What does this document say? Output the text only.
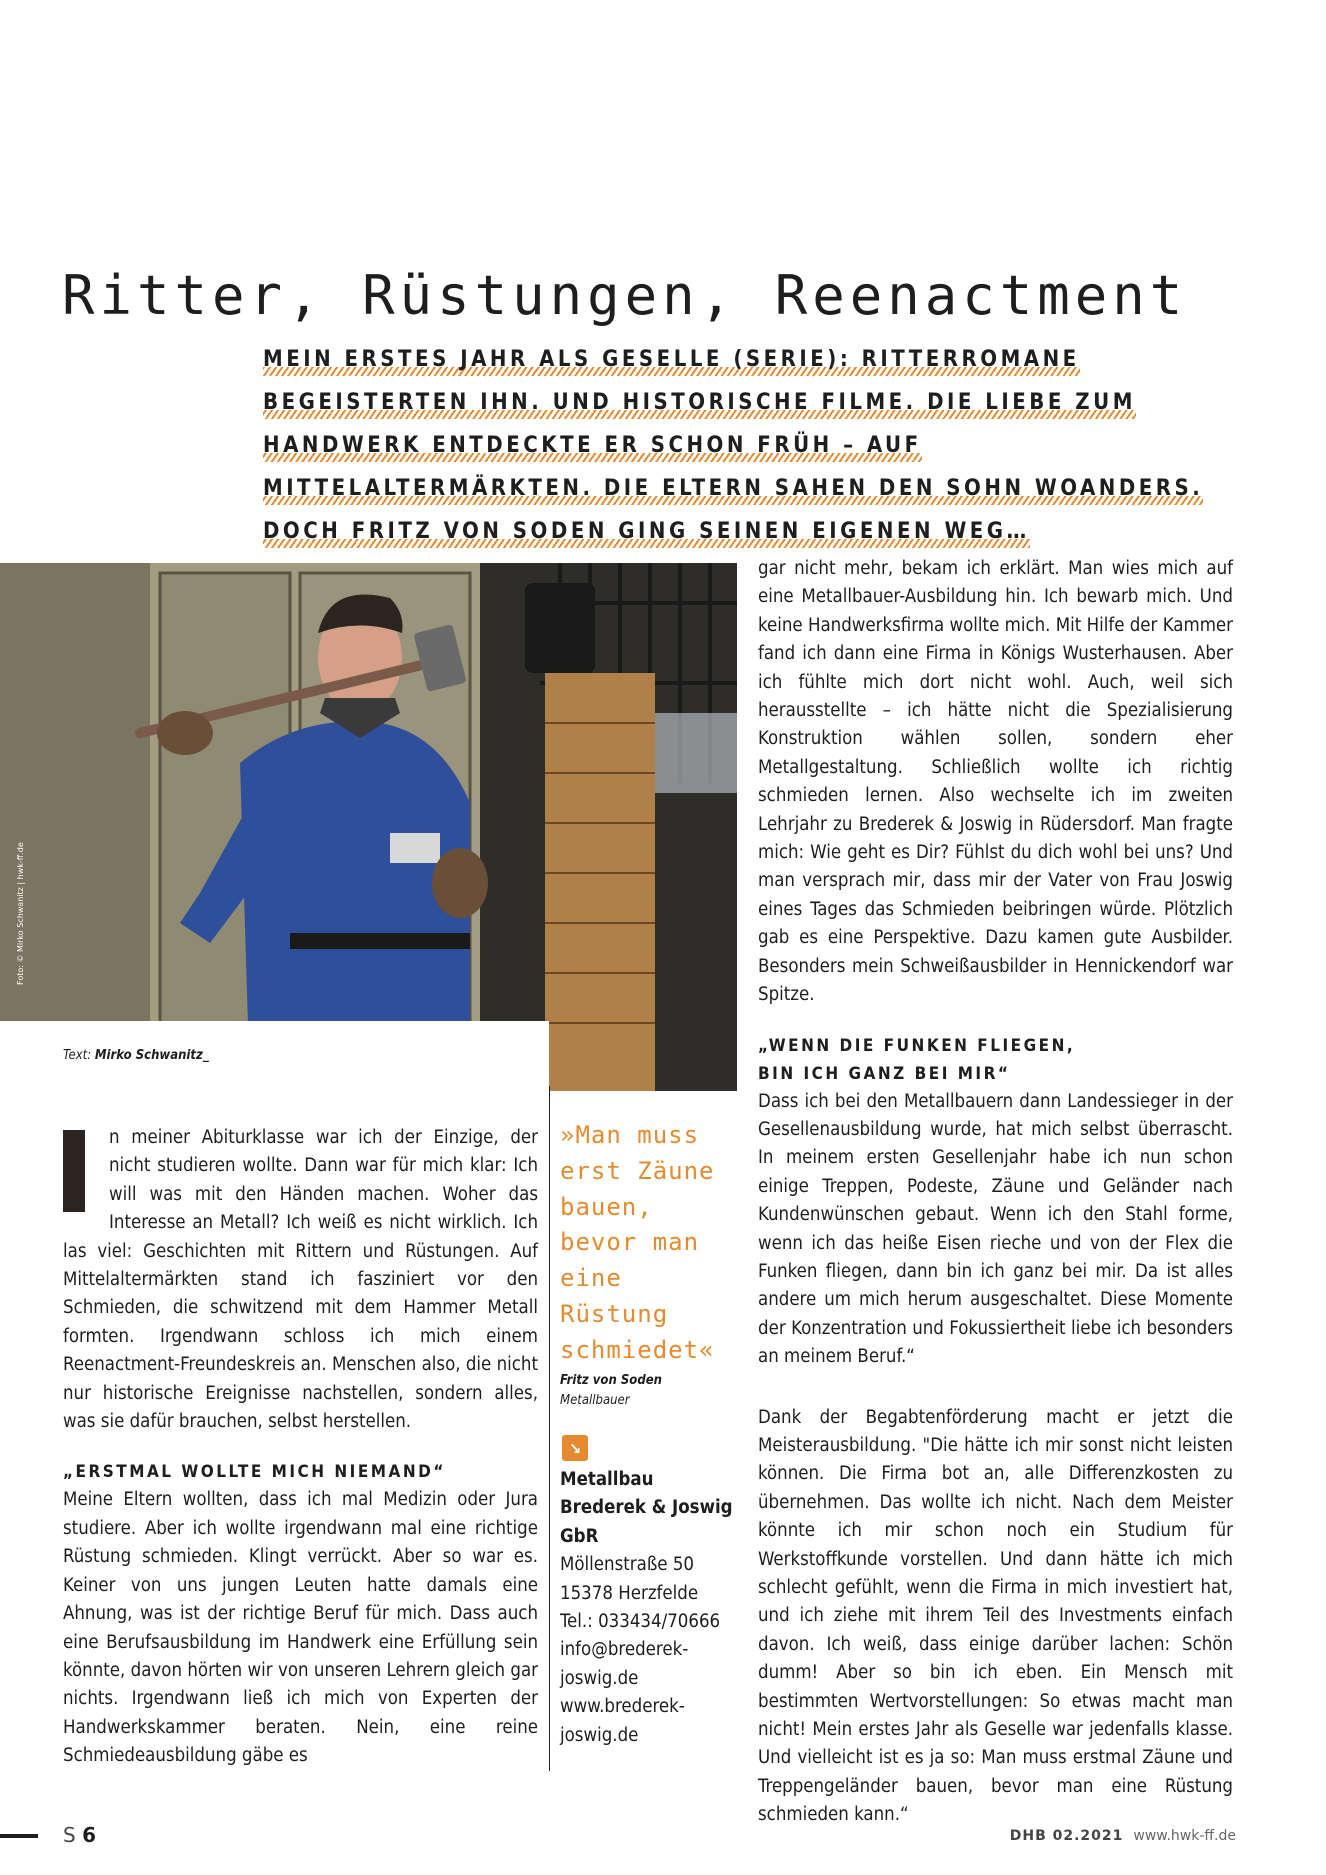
Ritter, Rüstungen, Reenactment
MEIN ERSTES JAHR ALS GESELLE (SERIE): RITTERROMANE BEGEISTERTEN IHN. UND HISTORISCHE FILME. DIE LIEBE ZUM HANDWERK ENTDECKTE ER SCHON FRÜH – AUF MITTELALTERMÄRKTEN. DIE ELTERN SAHEN DEN SOHN WOANDERS. DOCH FRITZ VON SODEN GING SEINEN EIGENEN WEG…
Foto: © Mirko Schwanitz | hwk-ff.de
Text: Mirko Schwanitz_

n meiner Abiturklasse war ich der Einzige, der nicht studieren wollte. Dann war für mich klar: Ich will was mit den Händen machen. Woher das Interesse an Metall? Ich weiß es nicht wirklich. Ich las viel: Geschichten mit Rittern und Rüstungen. Auf Mittelaltermärkten stand ich fasziniert vor den Schmieden, die schwitzend mit dem Hammer Metall formten. Irgendwann schloss ich mich einem Reenactment-Freundeskreis an. Menschen also, die nicht nur historische Ereignisse nachstellen, sondern alles, was sie dafür brauchen, selbst herstellen.

„ERSTMAL WOLLTE MICH NIEMAND“

Meine Eltern wollten, dass ich mal Medizin oder Jura studiere. Aber ich wollte irgendwann mal eine richtige Rüstung schmieden. Klingt verrückt. Aber so war es. Keiner von uns jungen Leuten hatte damals eine Ahnung, was ist der richtige Beruf für mich. Dass auch eine Berufsausbildung im Handwerk eine Erfüllung sein könnte, davon hörten wir von unseren Lehrern gleich gar nichts. Irgendwann ließ ich mich von Experten der Handwerkskammer beraten. Nein, eine reine Schmiedeausbildung gäbe es

gar nicht mehr, bekam ich erklärt. Man wies mich auf eine Metallbauer-Ausbildung hin. Ich bewarb mich. Und keine Handwerksfirma wollte mich. Mit Hilfe der Kammer fand ich dann eine Firma in Königs Wusterhausen. Aber ich fühlte mich dort nicht wohl. Auch, weil sich herausstellte – ich hätte nicht die Spezialisierung Konstruktion wählen sollen, sondern eher Metallgestaltung. Schließlich wollte ich richtig schmieden lernen. Also wechselte ich im zweiten Lehrjahr zu Brederek & Joswig in Rüdersdorf. Man fragte mich: Wie geht es Dir? Fühlst du dich wohl bei uns? Und man versprach mir, dass mir der Vater von Frau Joswig eines Tages das Schmieden beibringen würde. Plötzlich gab es eine Perspektive. Dazu kamen gute Ausbilder. Besonders mein Schweißausbilder in Hennickendorf war Spitze.

„WENN DIE FUNKEN FLIEGEN,
BIN ICH GANZ BEI MIR“

Dass ich bei den Metallbauern dann Landessieger in der Gesellenausbildung wurde, hat mich selbst überrascht. In meinem ersten Gesellenjahr habe ich nun schon einige Treppen, Podeste, Zäune und Geländer nach Kundenwünschen gebaut. Wenn ich den Stahl forme, wenn ich das heiße Eisen rieche und von der Flex die Funken fliegen, dann bin ich ganz bei mir. Da ist alles andere um mich herum ausgeschaltet. Diese Momente der Konzentration und Fokussiertheit liebe ich besonders an meinem Beruf.“

Dank der Begabtenförderung macht er jetzt die Meisterausbildung. "Die hätte ich mir sonst nicht leisten können. Die Firma bot an, alle Differenzkosten zu übernehmen. Das wollte ich nicht. Nach dem Meister könnte ich mir schon noch ein Studium für Werkstoffkunde vorstellen. Und dann hätte ich mich schlecht gefühlt, wenn die Firma in mich investiert hat, und ich ziehe mit ihrem Teil des Investments einfach davon. Ich weiß, dass einige darüber lachen: Schön dumm! Aber so bin ich eben. Ein Mensch mit bestimmten Wertvorstellungen: So etwas macht man nicht! Mein erstes Jahr als Geselle war jedenfalls klasse. Und vielleicht ist es ja so: Man muss erstmal Zäune und Treppengeländer bauen, bevor man eine Rüstung schmieden kann.“

»Man muss erst Zäune bauen, bevor man eine Rüstung schmiedet«
Fritz von Soden
Metallbauer
↘
Metallbau Brederek & Joswig GbR
Möllenstraße 50
15378 Herzfelde
Tel.: 033434/70666
info@brederek-joswig.de
www.brederek-joswig.de
S 6	DHB 02.2021 www.hwk-ff.de
